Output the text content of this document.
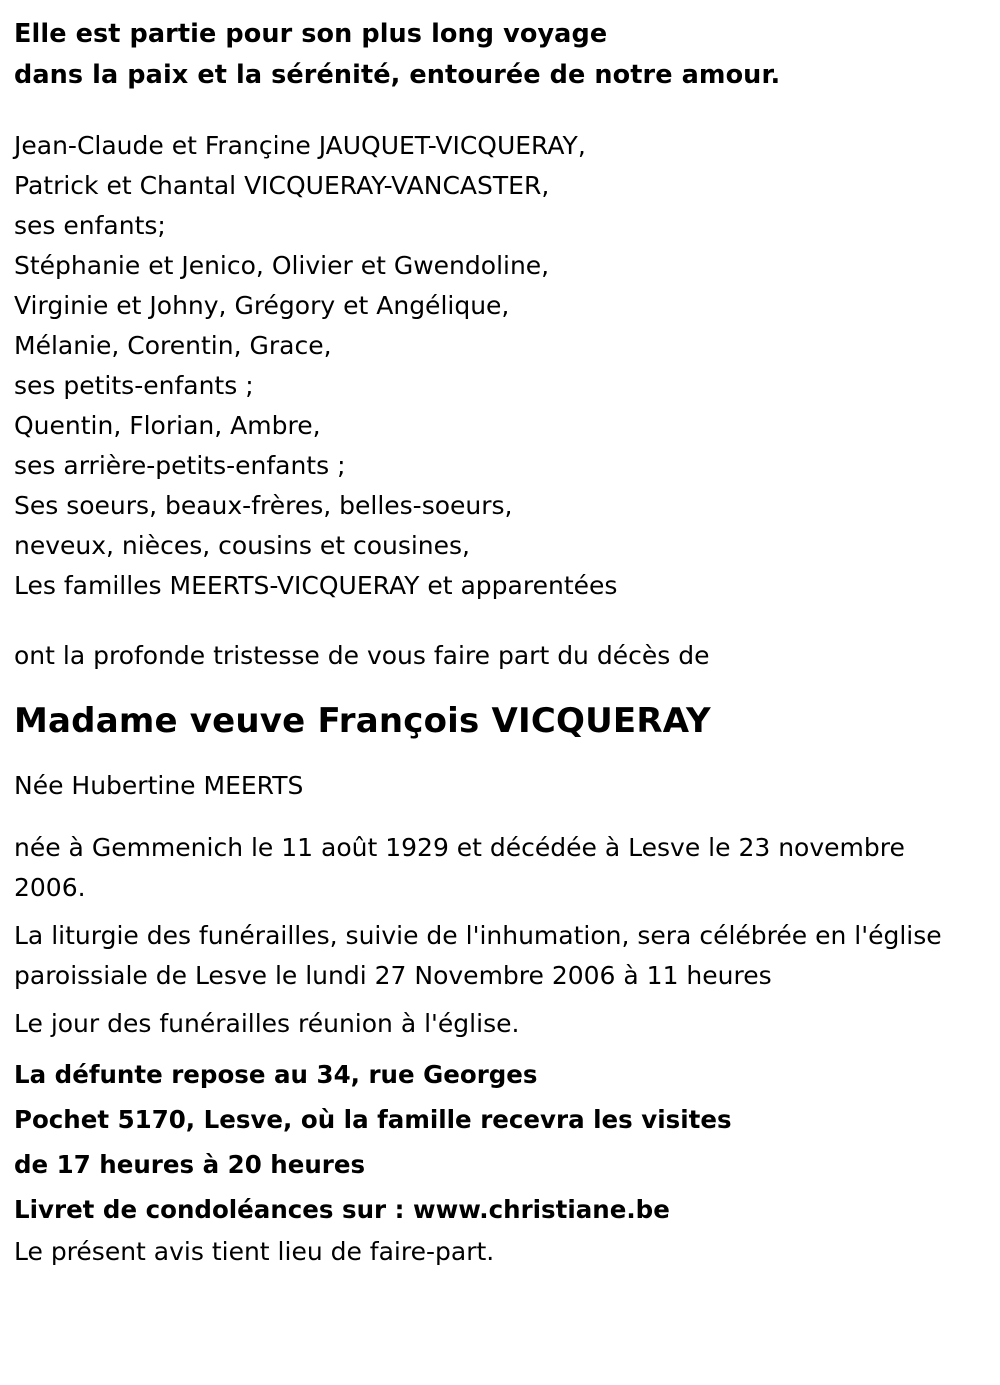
Elle est partie pour son plus long voyage
dans la paix et la sérénité, entourée de notre amour.
Jean-Claude et Françine JAUQUET-VICQUERAY,
Patrick et Chantal VICQUERAY-VANCASTER,
ses enfants;
Stéphanie et Jenico, Olivier et Gwendoline,
Virginie et Johny, Grégory et Angélique,
Mélanie, Corentin, Grace,
ses petits-enfants ;
Quentin, Florian, Ambre,
ses arrière-petits-enfants ;
Ses soeurs, beaux-frères, belles-soeurs,
neveux, nièces, cousins et cousines,
Les familles MEERTS-VICQUERAY et apparentées
ont la profonde tristesse de vous faire part du décès de
Madame veuve François VICQUERAY
Née Hubertine MEERTS
née à Gemmenich le 11 août 1929 et décédée à Lesve le 23 novembre 2006.
La liturgie des funérailles, suivie de l'inhumation, sera célébrée en l'église paroissiale de Lesve le lundi 27 Novembre 2006 à 11 heures
Le jour des funérailles réunion à l'église.
La défunte repose au 34, rue Georges
Pochet 5170, Lesve, où la famille recevra les visites
de 17 heures à 20 heures
Livret de condoléances sur : www.christiane.be
Le présent avis tient lieu de faire-part.
